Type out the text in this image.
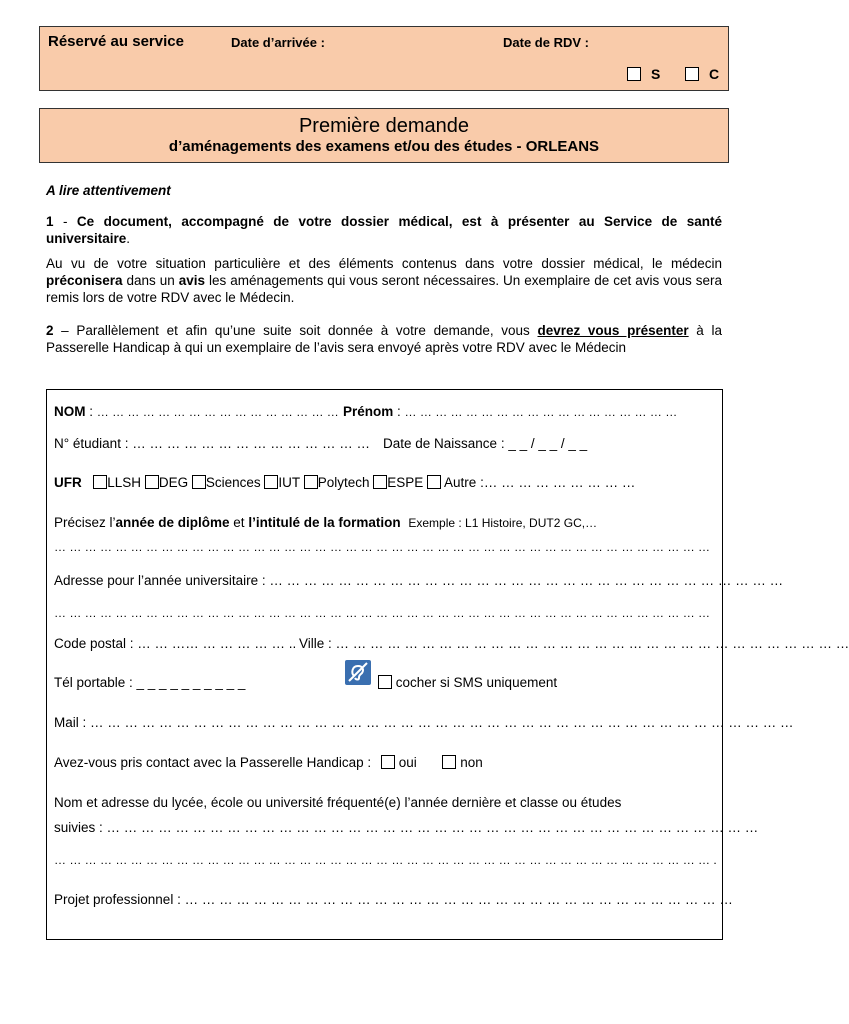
Réservé au service	Date d’arrivée :	Date de RDV :
S	C
Première demande
d’aménagements des examens et/ou des études - ORLEANS
A lire attentivement
1 - Ce document, accompagné de votre dossier médical, est à présenter au Service de santé universitaire.
Au vu de votre situation particulière et des éléments contenus dans votre dossier médical, le médecin préconisera dans un avis les aménagements qui vous seront nécessaires. Un exemplaire de cet avis vous sera remis lors de votre RDV avec le Médecin.
2 – Parallèlement et afin qu’une suite soit donnée à votre demande, vous devrez vous présenter à la Passerelle Handicap à qui un exemplaire de l’avis sera envoyé après votre RDV avec le Médecin
NOM : … … … … … … … … … … … … … … … … Prénom : … … … … … … … … … … … … … … … … … …
N° étudiant : … … … … … … … … … … … … … … Date de Naissance : _ _ / _ _ / _ _
UFR LLSH DEG Sciences IUT Polytech ESPE Autre :… … … … … … … … …
Précisez l’année de diplôme et l’intitulé de la formation Exemple : L1 Histoire, DUT2 GC,…
… … … … … … … … … … … … … … … … … … … … … … … … … … … … … … … … … … … … … … … … … … …
Adresse pour l’année universitaire : … … … … … … … … … … … … … … … … … … … … … … … … … … … … … …
… … … … … … … … … … … … … … … … … … … … … … … … … … … … … … … … … … … … … … … … … … …
Code postal : … … …… … … … … … .. Ville : … … … … … … … … … … … … … … … … … … … … … … … … … … … … … …
Tél portable : _ _ _ _ _ _ _ _ _ _	cocher si SMS uniquement
Mail : … … … … … … … … … … … … … … … … … … … … … … … … … … … … … … … … … … … … … … … … …
Avez-vous pris contact avec la Passerelle Handicap : oui	non
Nom et adresse du lycée, école ou université fréquenté(e) l’année dernière et classe ou études
suivies : … … … … … … … … … … … … … … … … … … … … … … … … … … … … … … … … … … … … … …
… … … … … … … … … … … … … … … … … … … … … … … … … … … … … … … … … … … … … … … … … … … .
Projet professionnel : … … … … … … … … … … … … … … … … … … … … … … … … … … … … … … … …
